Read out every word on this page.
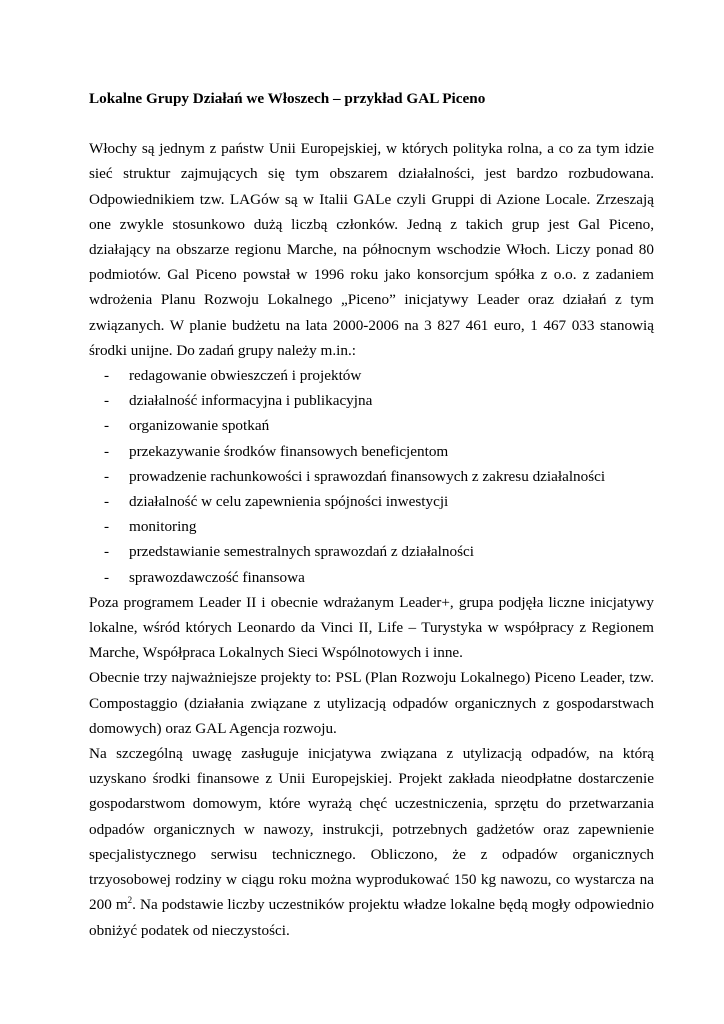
Lokalne Grupy Działań we Włoszech – przykład GAL Piceno

Włochy są jednym z państw Unii Europejskiej, w których polityka rolna, a co za tym idzie sieć struktur zajmujących się tym obszarem działalności, jest bardzo rozbudowana. Odpowiednikiem tzw. LAGów są w Italii GALe czyli Gruppi di Azione Locale. Zrzeszają one zwykle stosunkowo dużą liczbą członków. Jedną z takich grup jest Gal Piceno, działający na obszarze regionu Marche, na północnym wschodzie Włoch. Liczy ponad 80 podmiotów. Gal Piceno powstał w 1996 roku jako konsorcjum spółka z o.o. z zadaniem wdrożenia Planu Rozwoju Lokalnego „Piceno” inicjatywy Leader oraz działań z tym związanych. W planie budżetu na lata 2000-2006 na 3 827 461 euro, 1 467 033 stanowią środki unijne. Do zadań grupy należy m.in.:

- redagowanie obwieszczeń i projektów
- działalność informacyjna i publikacyjna
- organizowanie spotkań
- przekazywanie środków finansowych beneficjentom
- prowadzenie rachunkowości i sprawozdań finansowych z zakresu działalności
- działalność w celu zapewnienia spójności inwestycji
- monitoring
- przedstawianie semestralnych sprawozdań z działalności
- sprawozdawczość finansowa

Poza programem Leader II i obecnie wdrażanym Leader+, grupa podjęła liczne inicjatywy lokalne, wśród których Leonardo da Vinci II, Life – Turystyka w współpracy z Regionem Marche, Współpraca Lokalnych Sieci Wspólnotowych i inne.

Obecnie trzy najważniejsze projekty to: PSL (Plan Rozwoju Lokalnego) Piceno Leader, tzw. Compostaggio (działania związane z utylizacją odpadów organicznych z gospodarstwach domowych) oraz GAL Agencja rozwoju.

Na szczególną uwagę zasługuje inicjatywa związana z utylizacją odpadów, na którą uzyskano środki finansowe z Unii Europejskiej. Projekt zakłada nieodpłatne dostarczenie gospodarstwom domowym, które wyrażą chęć uczestniczenia, sprzętu do przetwarzania odpadów organicznych w nawozy, instrukcji, potrzebnych gadżetów oraz zapewnienie specjalistycznego serwisu technicznego. Obliczono, że z odpadów organicznych trzyosobowej rodziny w ciągu roku można wyprodukować 150 kg nawozu, co wystarcza na 200 $m^2$. Na podstawie liczby uczestników projektu władze lokalne będą mogły odpowiednio obniżyć podatek od nieczystości.
